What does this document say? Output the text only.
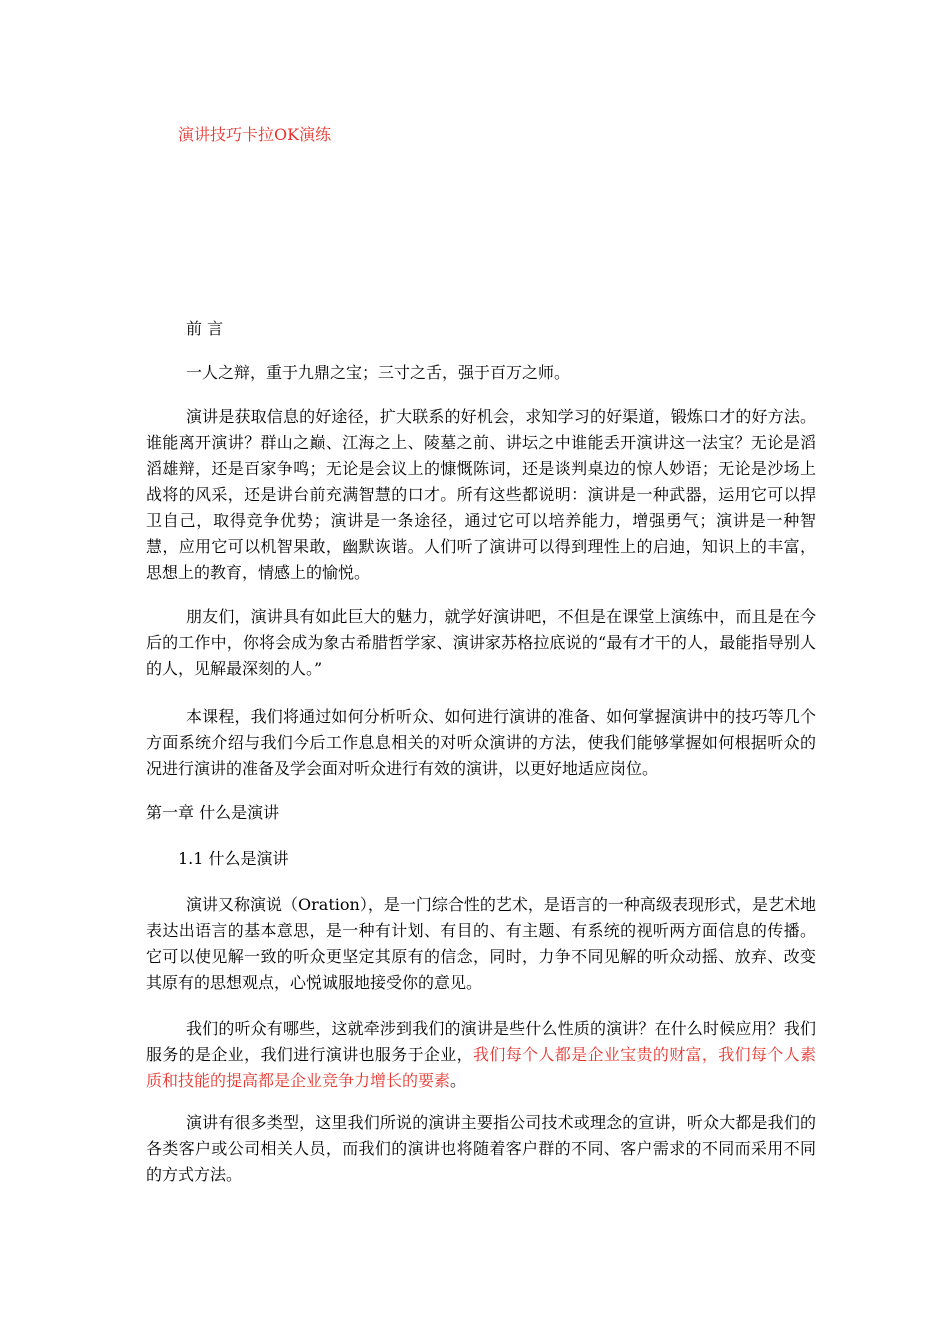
演讲技巧卡拉OK演练
前 言
一人之辩，重于九鼎之宝；三寸之舌，强于百万之师。
演讲是获取信息的好途径，扩大联系的好机会，求知学习的好渠道，锻炼口才的好方法。谁能离开演讲？群山之巅、江海之上、陵墓之前、讲坛之中谁能丢开演讲这一法宝？无论是滔滔雄辩，还是百家争鸣；无论是会议上的慷慨陈词，还是谈判桌边的惊人妙语；无论是沙场上战将的风采，还是讲台前充满智慧的口才。所有这些都说明：演讲是一种武器，运用它可以捍卫自己，取得竞争优势；演讲是一条途径，通过它可以培养能力，增强勇气；演讲是一种智慧，应用它可以机智果敢，幽默诙谐。人们听了演讲可以得到理性上的启迪，知识上的丰富，思想上的教育，情感上的愉悦。
朋友们，演讲具有如此巨大的魅力，就学好演讲吧，不但是在课堂上演练中，而且是在今后的工作中，你将会成为象古希腊哲学家、演讲家苏格拉底说的“最有才干的人，最能指导别人的人，见解最深刻的人。”
本课程，我们将通过如何分析听众、如何进行演讲的准备、如何掌握演讲中的技巧等几个方面系统介绍与我们今后工作息息相关的对听众演讲的方法，使我们能够掌握如何根据听众的况进行演讲的准备及学会面对听众进行有效的演讲，以更好地适应岗位。
第一章 什么是演讲
1.1 什么是演讲
演讲又称演说（Oration），是一门综合性的艺术，是语言的一种高级表现形式，是艺术地表达出语言的基本意思，是一种有计划、有目的、有主题、有系统的视听两方面信息的传播。它可以使见解一致的听众更坚定其原有的信念，同时，力争不同见解的听众动摇、放弃、改变其原有的思想观点，心悦诚服地接受你的意见。
我们的听众有哪些，这就牵涉到我们的演讲是些什么性质的演讲？在什么时候应用？我们服务的是企业，我们进行演讲也服务于企业，我们每个人都是企业宝贵的财富，我们每个人素质和技能的提高都是企业竞争力增长的要素。
演讲有很多类型，这里我们所说的演讲主要指公司技术或理念的宣讲，听众大都是我们的各类客户或公司相关人员，而我们的演讲也将随着客户群的不同、客户需求的不同而采用不同的方式方法。
